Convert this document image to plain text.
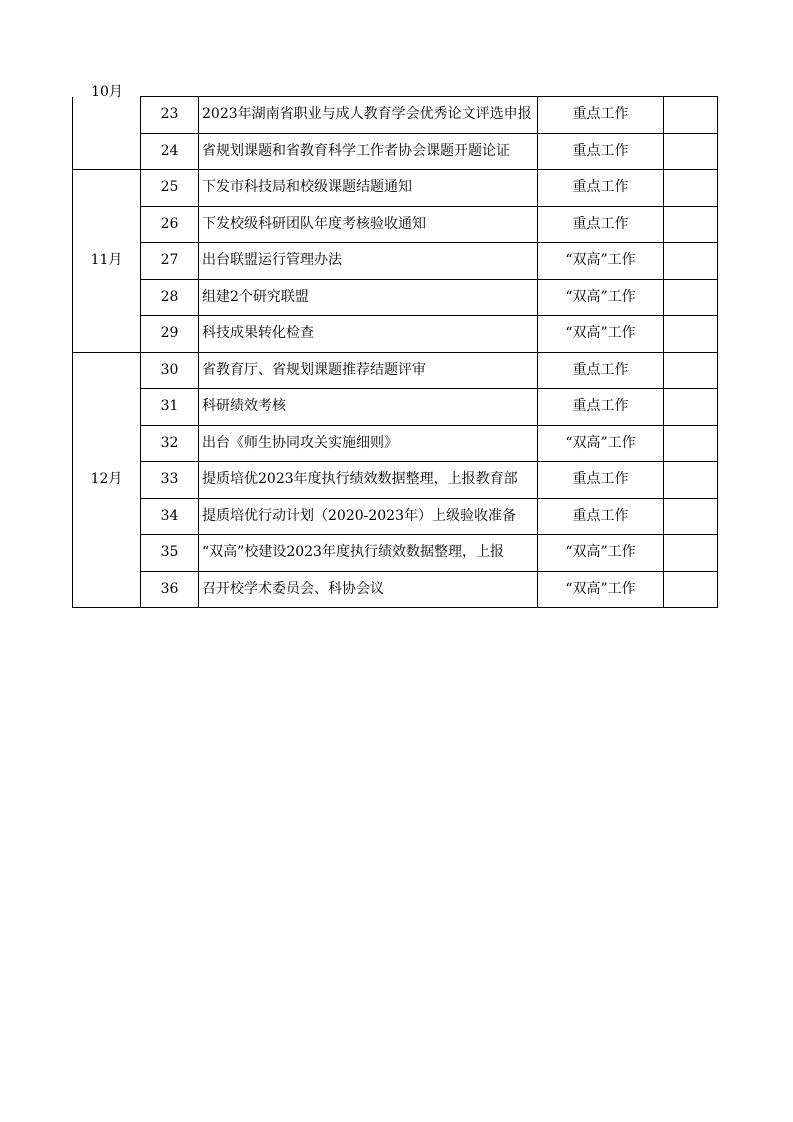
10月	23	2023年湖南省职业与成人教育学会优秀论文评选申报	重点工作	
	24	省规划课题和省教育科学工作者协会课题开题论证	重点工作	
11月	25	下发市科技局和校级课题结题通知	重点工作	
	26	下发校级科研团队年度考核验收通知	重点工作	
	27	出台联盟运行管理办法	“双高”工作	
	28	组建2个研究联盟	“双高”工作	
	29	科技成果转化检查	“双高”工作	
12月	30	省教育厅、省规划课题推荐结题评审	重点工作	
	31	科研绩效考核	重点工作	
	32	出台《师生协同攻关实施细则》	“双高”工作	
	33	提质培优2023年度执行绩效数据整理，上报教育部	重点工作	
	34	提质培优行动计划（2020-2023年）上级验收准备	重点工作	
	35	“双高”校建设2023年度执行绩效数据整理，上报	“双高”工作	
	36	召开校学术委员会、科协会议	“双高”工作	
